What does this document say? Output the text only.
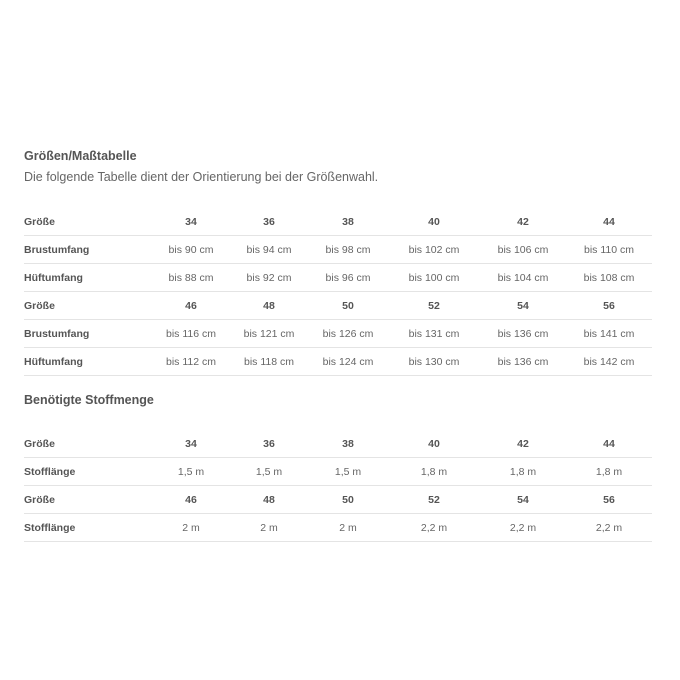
Größen/Maßtabelle

Die folgende Tabelle dient der Orientierung bei der Größenwahl.

Größe	34	36	38	40	42	44
Brustumfang	bis 90 cm	bis 94 cm	bis 98 cm	bis 102 cm	bis 106 cm	bis 110 cm
Hüftumfang	bis 88 cm	bis 92 cm	bis 96 cm	bis 100 cm	bis 104 cm	bis 108 cm
Größe	46	48	50	52	54	56
Brustumfang	bis 116 cm	bis 121 cm	bis 126 cm	bis 131 cm	bis 136 cm	bis 141 cm
Hüftumfang	bis 112 cm	bis 118 cm	bis 124 cm	bis 130 cm	bis 136 cm	bis 142 cm

Benötigte Stoffmenge

Größe	34	36	38	40	42	44
Stofflänge	1,5 m	1,5 m	1,5 m	1,8 m	1,8 m	1,8 m
Größe	46	48	50	52	54	56
Stofflänge	2 m	2 m	2 m	2,2 m	2,2 m	2,2 m
